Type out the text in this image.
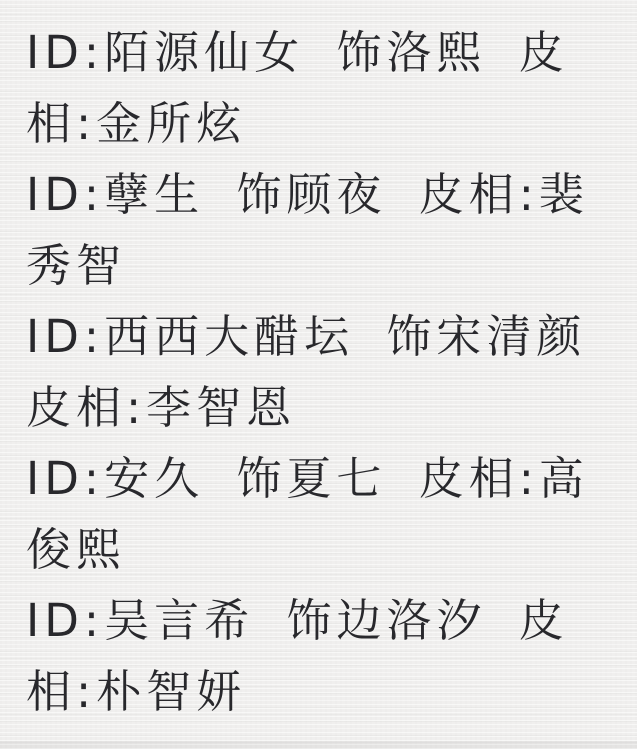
ID:陌源仙女 饰洛熙 皮
相:金所炫
ID:孽生 饰顾夜 皮相:裴
秀智
ID:西西大醋坛 饰宋清颜
皮相:李智恩
ID:安久 饰夏七 皮相:高
俊熙
ID:吴言希 饰边洛汐 皮
相:朴智妍
